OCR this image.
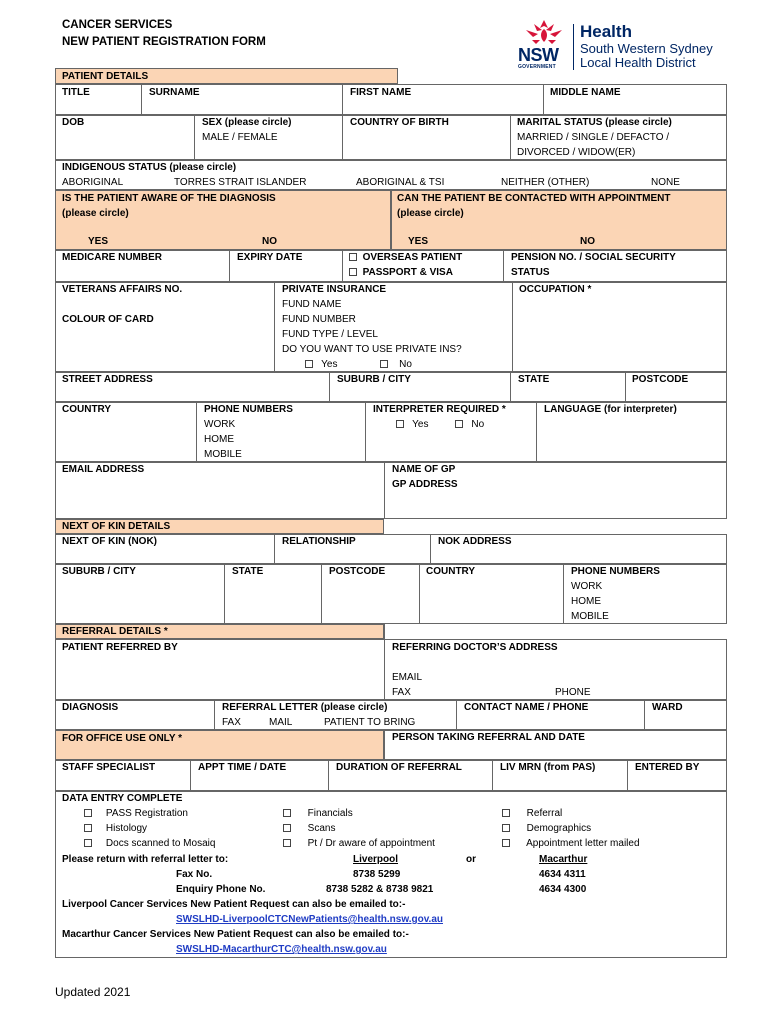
CANCER SERVICES
NEW PATIENT REGISTRATION FORM
NSW
GOVERNMENT
Health
South Western Sydney
Local Health District
PATIENT DETAILS
TITLE	SURNAME	FIRST NAME	MIDDLE NAME
DOB	SEX (please circle)
MALE / FEMALE
COUNTRY OF BIRTH	MARITAL STATUS (please circle)
MARRIED / SINGLE / DEFACTO /
DIVORCED / WIDOW(ER)
INDIGENOUS STATUS (please circle)
ABORIGINAL	TORRES STRAIT ISLANDER	ABORIGINAL & TSI	NEITHER (OTHER)	NONE
IS THE PATIENT AWARE OF THE DIAGNOSIS
(please circle)
YES	NO
CAN THE PATIENT BE CONTACTED WITH APPOINTMENT
(please circle)
YES	NO
MEDICARE NUMBER	EXPIRY DATE	OVERSEAS PATIENT
PASSPORT & VISA
PENSION NO. / SOCIAL SECURITY
STATUS
VETERANS AFFAIRS NO.
COLOUR OF CARD
PRIVATE INSURANCE
FUND NAME
FUND NUMBER
FUND TYPE / LEVEL
DO YOU WANT TO USE PRIVATE INS?
Yes	No
OCCUPATION *
STREET ADDRESS	SUBURB / CITY	STATE	POSTCODE
COUNTRY	PHONE NUMBERS
WORK
HOME
MOBILE
INTERPRETER REQUIRED *
Yes	No
LANGUAGE (for interpreter)
EMAIL ADDRESS	NAME OF GP
GP ADDRESS
NEXT OF KIN DETAILS
NEXT OF KIN (NOK)	RELATIONSHIP	NOK ADDRESS
SUBURB / CITY	STATE	POSTCODE	COUNTRY	PHONE NUMBERS
WORK
HOME
MOBILE
REFERRAL DETAILS *
PATIENT REFERRED BY	REFERRING DOCTOR’S ADDRESS
EMAIL
FAX	PHONE
DIAGNOSIS	REFERRAL LETTER (please circle)
FAX	MAIL	PATIENT TO BRING
CONTACT NAME / PHONE	WARD
FOR OFFICE USE ONLY *	PERSON TAKING REFERRAL AND DATE
STAFF SPECIALIST	APPT TIME / DATE	DURATION OF REFERRAL	LIV MRN (from PAS)	ENTERED BY
DATA ENTRY COMPLETE
PASS Registration
Histology
Docs scanned to Mosaiq
Financials
Scans
Pt / Dr aware of appointment
Referral
Demographics
Appointment letter mailed
Please return with referral letter to:	Liverpool	or	Macarthur
Fax No.	8738 5299	4634 4311
Enquiry Phone No.	8738 5282 & 8738 9821	4634 4300
Liverpool Cancer Services New Patient Request can also be emailed to:-
SWSLHD-LiverpoolCTCNewPatients@health.nsw.gov.au
Macarthur Cancer Services New Patient Request can also be emailed to:-
SWSLHD-MacarthurCTC@health.nsw.gov.au
Updated 2021
